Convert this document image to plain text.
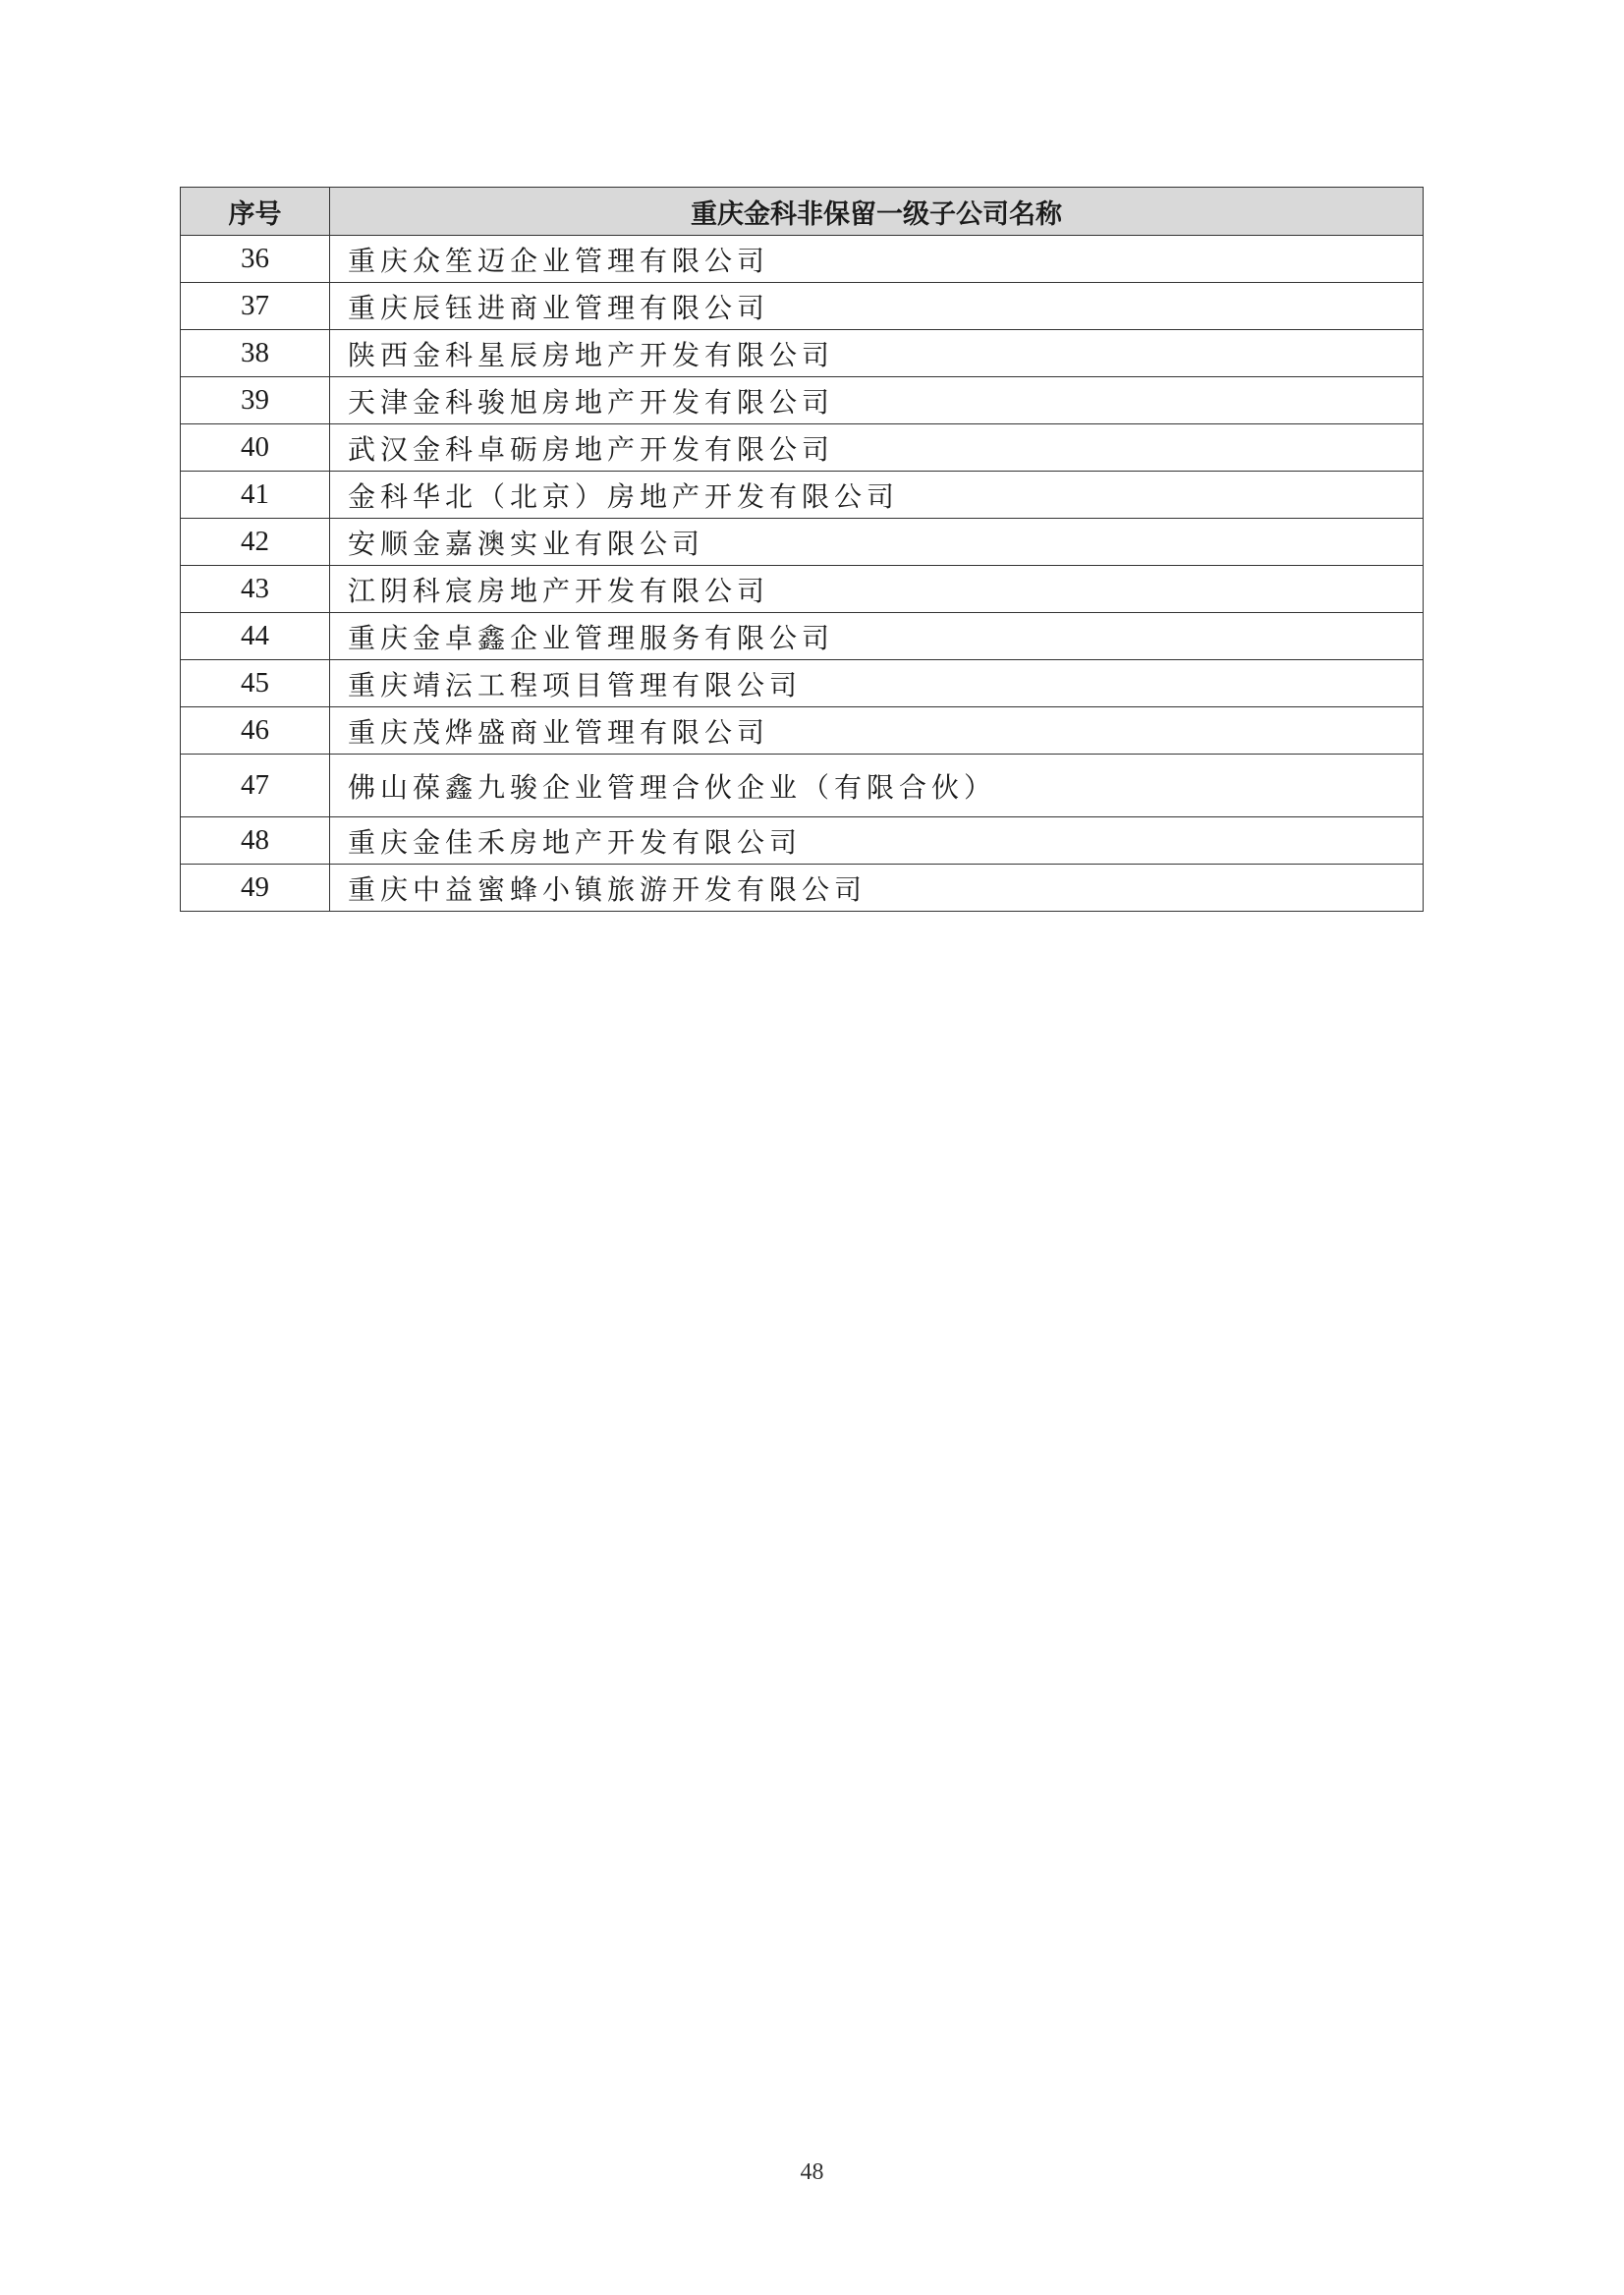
序号	重庆金科非保留一级子公司名称
36	重庆众笙迈企业管理有限公司
37	重庆辰钰进商业管理有限公司
38	陕西金科星辰房地产开发有限公司
39	天津金科骏旭房地产开发有限公司
40	武汉金科卓砺房地产开发有限公司
41	金科华北（北京）房地产开发有限公司
42	安顺金嘉澳实业有限公司
43	江阴科宸房地产开发有限公司
44	重庆金卓鑫企业管理服务有限公司
45	重庆靖沄工程项目管理有限公司
46	重庆茂烨盛商业管理有限公司
47	佛山葆鑫九骏企业管理合伙企业（有限合伙）
48	重庆金佳禾房地产开发有限公司
49	重庆中益蜜蜂小镇旅游开发有限公司
48
